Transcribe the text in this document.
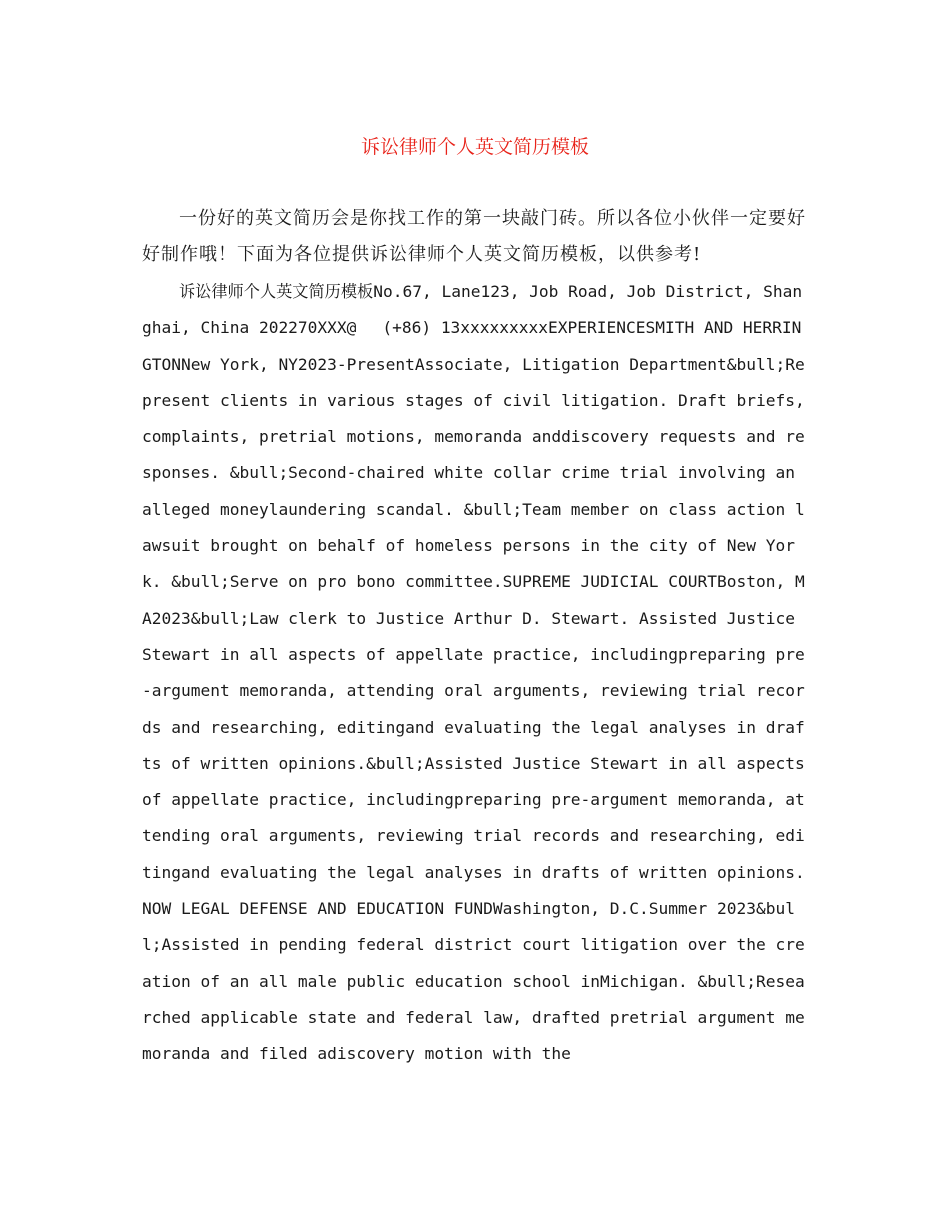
诉讼律师个人英文简历模板

一份好的英文简历会是你找工作的第一块敲门砖。所以各位小伙伴一定要好好制作哦！下面为各位提供诉讼律师个人英文简历模板，以供参考!

诉讼律师个人英文简历模板No.67, Lane123, Job Road, Job District, Shanghai, China 202270XXX@　 (+86) 13xxxxxxxxxEXPERIENCESMITH AND HERRINGTONNew York, NY2023-PresentAssociate, Litigation Department&bull;Represent clients in various stages of civil litigation. Draft briefs, complaints, pretrial motions, memoranda anddiscovery requests and responses. &bull;Second-chaired white collar crime trial involving an alleged moneylaundering scandal. &bull;Team member on class action lawsuit brought on behalf of homeless persons in the city of New York. &bull;Serve on pro bono committee.SUPREME JUDICIAL COURTBoston, MA2023&bull;Law clerk to Justice Arthur D. Stewart. Assisted Justice Stewart in all aspects of appellate practice, includingpreparing pre-argument memoranda, attending oral arguments, reviewing trial records and researching, editingand evaluating the legal analyses in drafts of written opinions.&bull;Assisted Justice Stewart in all aspects of appellate practice, includingpreparing pre-argument memoranda, attending oral arguments, reviewing trial records and researching, editingand evaluating the legal analyses in drafts of written opinions.NOW LEGAL DEFENSE AND EDUCATION FUNDWashington, D.C.Summer 2023&bull;Assisted in pending federal district court litigation over the creation of an all male public education school inMichigan. &bull;Researched applicable state and federal law, drafted pretrial argument memoranda and filed adiscovery motion with the
